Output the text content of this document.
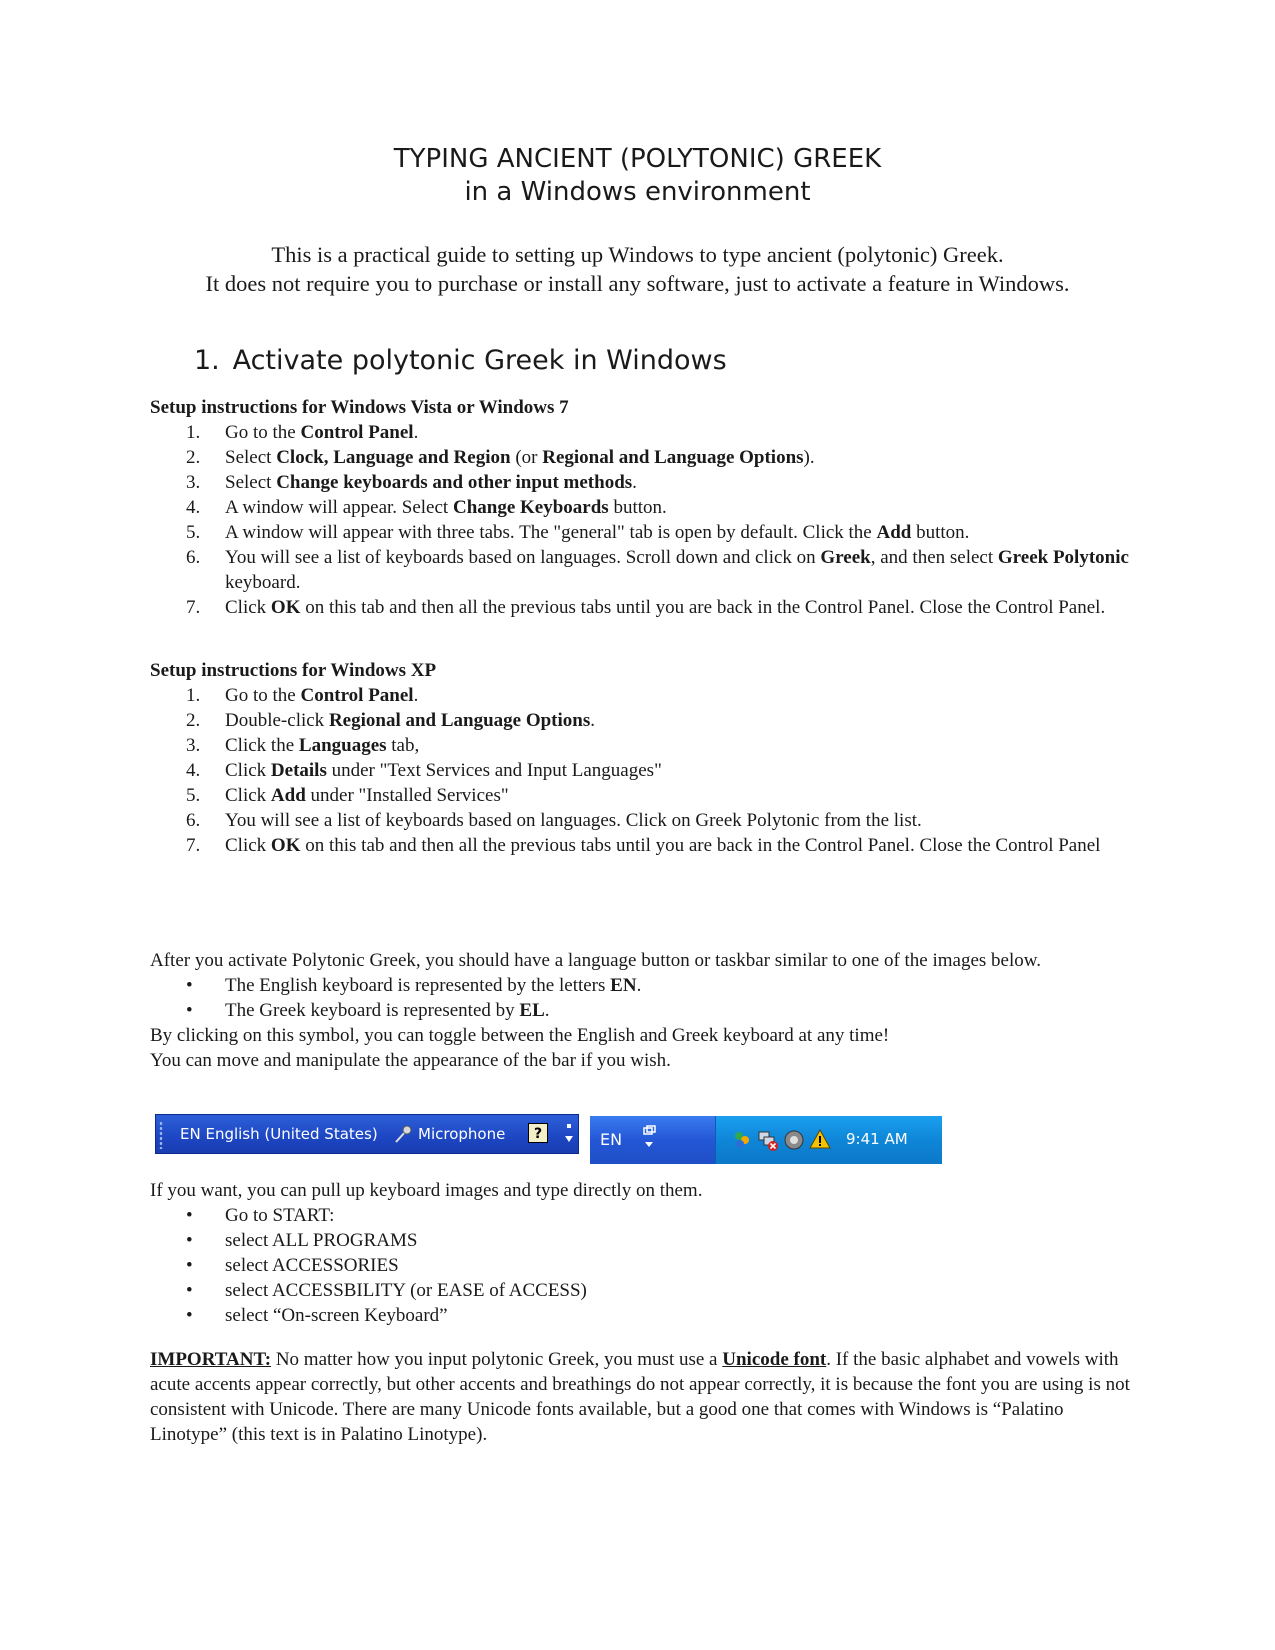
TYPING ANCIENT (POLYTONIC) GREEK
in a Windows environment
This is a practical guide to setting up Windows to type ancient (polytonic) Greek.
It does not require you to purchase or install any software, just to activate a feature in Windows.
1. Activate polytonic Greek in Windows
Setup instructions for Windows Vista or Windows 7
1. Go to the Control Panel.
2. Select Clock, Language and Region (or Regional and Language Options).
3. Select Change keyboards and other input methods.
4. A window will appear. Select Change Keyboards button.
5. A window will appear with three tabs. The "general" tab is open by default. Click the Add button.
6. You will see a list of keyboards based on languages. Scroll down and click on Greek, and then select Greek Polytonic keyboard.
7. Click OK on this tab and then all the previous tabs until you are back in the Control Panel. Close the Control Panel.
Setup instructions for Windows XP
1. Go to the Control Panel.
2. Double-click Regional and Language Options.
3. Click the Languages tab,
4. Click Details under "Text Services and Input Languages"
5. Click Add under "Installed Services"
6. You will see a list of keyboards based on languages. Click on Greek Polytonic from the list.
7. Click OK on this tab and then all the previous tabs until you are back in the Control Panel. Close the Control Panel
After you activate Polytonic Greek, you should have a language button or taskbar similar to one of the images below.
• The English keyboard is represented by the letters EN.
• The Greek keyboard is represented by EL.
By clicking on this symbol, you can toggle between the English and Greek keyboard at any time!
You can move and manipulate the appearance of the bar if you wish.
EN English (United States)	Microphone	?	EN	9:41 AM
If you want, you can pull up keyboard images and type directly on them.
• Go to START:
• select ALL PROGRAMS
• select ACCESSORIES
• select ACCESSBILITY (or EASE of ACCESS)
• select “On-screen Keyboard”
IMPORTANT: No matter how you input polytonic Greek, you must use a Unicode font. If the basic alphabet and vowels with acute accents appear correctly, but other accents and breathings do not appear correctly, it is because the font you are using is not consistent with Unicode. There are many Unicode fonts available, but a good one that comes with Windows is “Palatino Linotype” (this text is in Palatino Linotype).
